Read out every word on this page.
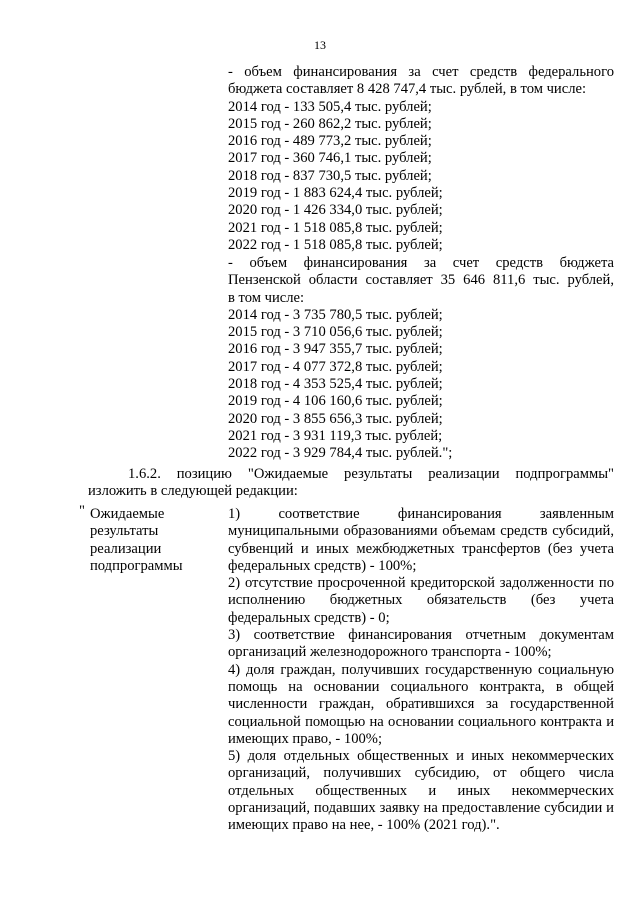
13

- объем финансирования за счет средств федерального

бюджета составляет 8 428 747,4 тыс. рублей, в том числе:

2014 год - 133 505,4 тыс. рублей;

2015 год - 260 862,2 тыс. рублей;

2016 год - 489 773,2 тыс. рублей;

2017 год - 360 746,1 тыс. рублей;

2018 год - 837 730,5 тыс. рублей;

2019 год - 1 883 624,4 тыс. рублей;

2020 год - 1 426 334,0 тыс. рублей;

2021 год - 1 518 085,8 тыс. рублей;

2022 год - 1 518 085,8 тыс. рублей;

- объем финансирования за счет средств бюджета

Пензенской области составляет 35 646 811,6 тыс. рублей,

в том числе:

2014 год - 3 735 780,5 тыс. рублей;

2015 год - 3 710 056,6 тыс. рублей;

2016 год - 3 947 355,7 тыс. рублей;

2017 год - 4 077 372,8 тыс. рублей;

2018 год - 4 353 525,4 тыс. рублей;

2019 год - 4 106 160,6 тыс. рублей;

2020 год - 3 855 656,3 тыс. рублей;

2021 год - 3 931 119,3 тыс. рублей;

2022 год - 3 929 784,4 тыс. рублей.";

1.6.2. позицию "Ожидаемые результаты реализации подпрограммы"

изложить в следующей редакции:

" Ожидаемые
результаты
реализации
подпрограммы

1) соответствие финансирования заявленным муниципальными образованиями объемам средств субсидий, субвенций и иных межбюджетных трансфертов (без учета федеральных средств) - 100%;

2) отсутствие просроченной кредиторской задолженности по исполнению бюджетных обязательств (без учета федеральных средств) - 0;

3) соответствие финансирования отчетным документам организаций железнодорожного транспорта - 100%;

4) доля граждан, получивших государственную социальную помощь на основании социального контракта, в общей численности граждан, обратившихся за государственной социальной помощью на основании социального контракта и имеющих право, - 100%;

5) доля отдельных общественных и иных некоммерческих организаций, получивших субсидию, от общего числа отдельных общественных и иных некоммерческих организаций, подавших заявку на предоставление субсидии и имеющих право на нее, - 100% (2021 год).".
